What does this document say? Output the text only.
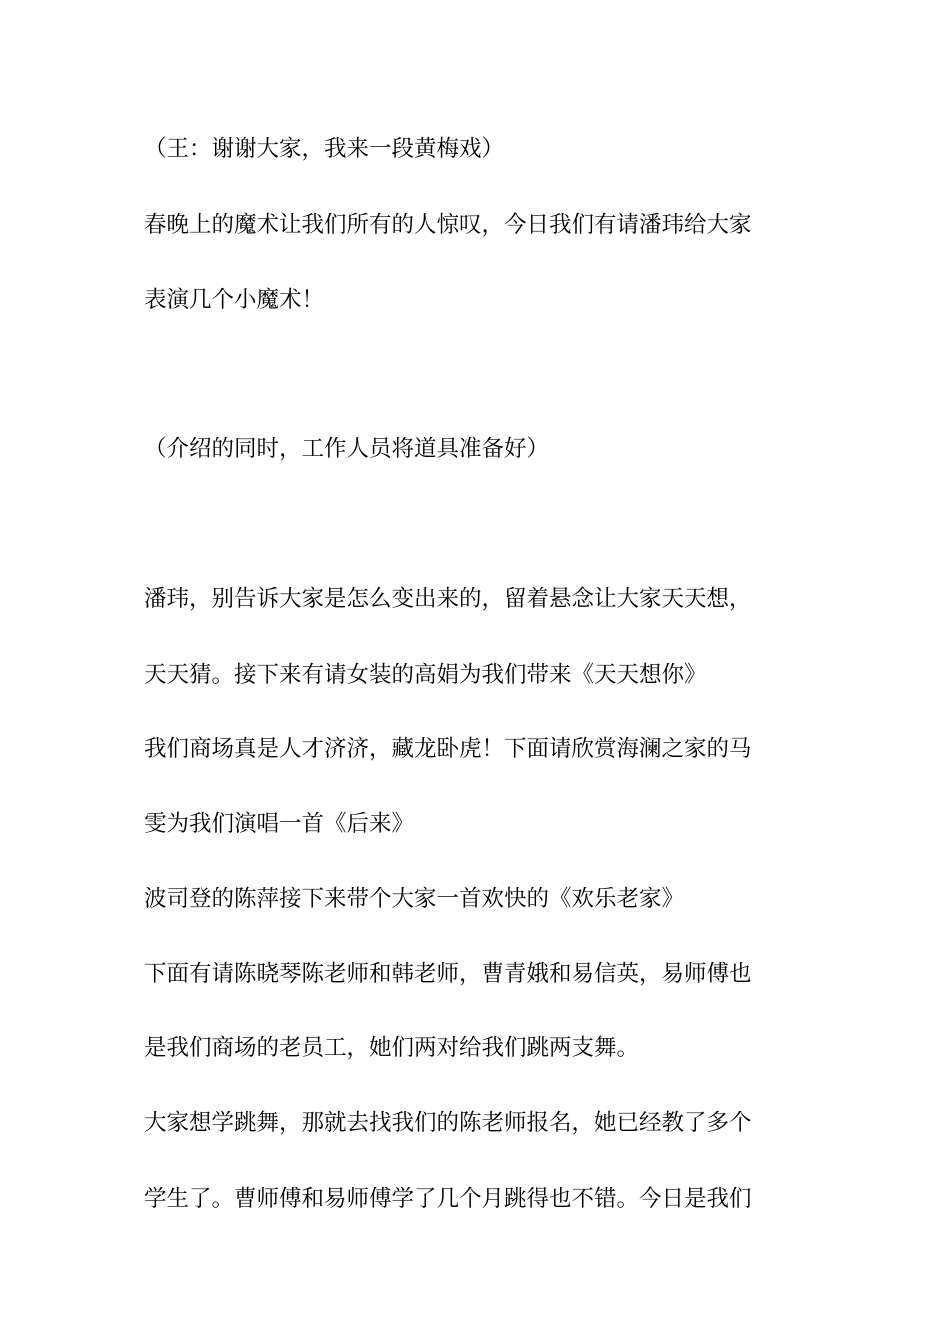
（王：谢谢大家，我来一段黄梅戏）
春晚上的魔术让我们所有的人惊叹，今日我们有请潘玮给大家
表演几个小魔术！
（介绍的同时，工作人员将道具准备好）
潘玮，别告诉大家是怎么变出来的，留着悬念让大家天天想，
天天猜。接下来有请女装的高娟为我们带来《天天想你》
我们商场真是人才济济，藏龙卧虎！下面请欣赏海澜之家的马
雯为我们演唱一首《后来》
波司登的陈萍接下来带个大家一首欢快的《欢乐老家》
下面有请陈晓琴陈老师和韩老师，曹青娥和易信英，易师傅也
是我们商场的老员工，她们两对给我们跳两支舞。
大家想学跳舞，那就去找我们的陈老师报名，她已经教了多个
学生了。曹师傅和易师傅学了几个月跳得也不错。今日是我们
